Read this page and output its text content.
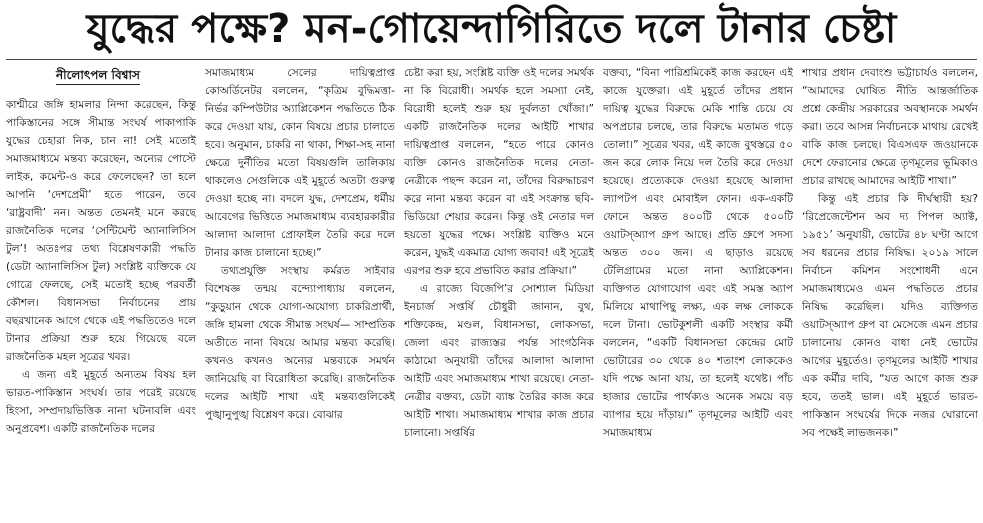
যুদ্ধের পক্ষে? মন-গোয়েন্দাগিরিতে দলে টানার চেষ্টা
নীলোৎপল বিশ্বাস

কাশ্মীরে জঙ্গি হামলার নিন্দা করেছেন, কিন্তু পাকিস্তানের সঙ্গে সীমান্ত সংঘর্ষ পাকাপাকি যুদ্ধের চেহারা নিক, চান না! সেই মতোই সমাজমাধ্যমে মন্তব্য করেছেন, অন্যের পোস্টে লাইক, কমেন্ট-ও করে ফেলেছেন? তা হলে আপনি ‘দেশপ্রেমী’ হতে পারেন, তবে ‘রাষ্ট্রবাদী’ নন। অন্তত তেমনই মনে করছে রাজনৈতিক দলের ‘সেন্টিমেন্ট অ্যানালিসিস টুল’! অতঃপর তথ্য বিশ্লেষণকারী পদ্ধতি (ডেটা অ্যানালিসিস টুল) সংশ্লিষ্ট ব্যক্তিকে যে গোত্রে ফেলছে, সেই মতোই হচ্ছে পরবর্তী কৌশল। বিধানসভা নির্বাচনের প্রায় বছরখানেক আগে থেকে এই পদ্ধতিতেও দলে টানার প্রক্রিয়া শুরু হয়ে গিয়েছে বলে রাজনৈতিক মহল সূত্রের খবর।

এ জন্য এই মুহূর্তে অন্যতম বিষয় হল ভারত-পাকিস্তান সংঘর্ষ। তার পরেই রয়েছে হিংসা, সম্প্রদায়ভিত্তিক নানা ঘটনাবলি এবং অনুপ্রবেশ। একটি রাজনৈতিক দলের

সমাজমাধ্যম সেলের দায়িত্বপ্রাপ্ত কোঅর্ডিনেটর বললেন, “কৃত্রিম বুদ্ধিমত্তা-নির্ভর কম্পিউটার অ্যাপ্লিকেশন পদ্ধতিতে ঠিক করে দেওয়া যায়, কোন বিষয়ে প্রচার চালাতে হবে। অনুমান, চাকরি না থাকা, শিক্ষা-সহ নানা ক্ষেত্রে দুর্নীতির মতো বিষয়গুলি তালিকায় থাকলেও সেগুলিকে এই মুহূর্তে অতটা গুরুত্ব দেওয়া হচ্ছে না। বদলে যুদ্ধ, দেশপ্রেম, ধর্মীয় আবেগের ভিত্তিতে সমাজমাধ্যম ব্যবহারকারীর আলাদা আলাদা প্রোফাইল তৈরি করে দলে টানার কাজ চালানো হচ্ছে।”

তথ্যপ্রযুক্তি সংস্থায় কর্মরত সাইবার বিশেষজ্ঞ তন্ময় বন্দ্যোপাধ্যায় বললেন, “কুড়ুয়ান থেকে যোগ্য-অযোগ্য চাকরিপ্রার্থী, জঙ্গি হামলা থেকে সীমান্ত সংঘর্ষ— সাম্প্রতিক অতীতে নানা বিষয়ে আমার মন্তব্য করেছি। কখনও কখনও অন্যের মন্তব্যকে সমর্থন জানিয়েছি বা বিরোধিতা করেছি। রাজনৈতিক দলের আইটি শাখা এই মন্তব্যগুলিকেই পুঙ্খানুপুঙ্খ বিশ্লেষণ করে। বোঝার

চেষ্টা করা হয়, সংশ্লিষ্ট ব্যক্তি ওই দলের সমর্থক না কি বিরোধী। সমর্থক হলে সমস্যা নেই, বিরোধী হলেই শুরু হয় দুর্বলতা খোঁজা।” একটি রাজনৈতিক দলের আইটি শাখার দায়িত্বপ্রাপ্ত বললেন, “হতে পারে কোনও ব্যক্তি কোনও রাজনৈতিক দলের নেতা-নেত্রীকে পছন্দ করেন না, তাঁদের বিরুদ্ধাচরণ করে নানা মন্তব্য করেন বা এই সংক্রান্ত ছবি-ভিডিয়ো শেয়ার করেন। কিন্তু ওই নেতার দল হয়তো যুদ্ধের পক্ষে। সংশ্লিষ্ট ব্যক্তিও মনে করেন, যুদ্ধই একমাত্র যোগ্য জবাব! এই সূত্রেই এরপর শুরু হবে প্রভাবিত করার প্রক্রিয়া।”

এ রাজ্যে বিজেপি’র সোশ্যাল মিডিয়া ইনচার্জ সপ্তর্ষি চৌধুরী জানান, বুথ, শক্তিকেন্দ্র, মণ্ডল, বিধানসভা, লোকসভা, জেলা এবং রাজ্যস্তর পর্যন্ত সাংগঠনিক কাঠামো অনুযায়ী তাঁদের আলাদা আলাদা আইটি এবং সমাজমাধ্যম শাখা রয়েছে। নেতা-নেত্রীর বক্তব্য, ডেটা ব্যাঙ্ক তৈরির কাজ করে আইটি শাখা। সমাজমাধ্যম শাখার কাজ প্রচার চালানো। সপ্তর্ষির

বক্তব্য, “বিনা পারিশ্রমিকেই কাজ করছেন এই কাজে যুক্তেরা। এই মুহূর্তে তাঁদের প্রধান দায়িত্ব যুদ্ধের বিরুদ্ধে মেকি শান্তি চেয়ে যে অপপ্রচার চলছে, তার বিরুদ্ধে মতামত গড়ে তোলা।” সূত্রের খবর, এই কাজে বুথস্তরে ৫০ জন করে লোক নিয়ে দল তৈরি করে দেওয়া হয়েছে। প্রত্যেককে দেওয়া হয়েছে আলাদা ল্যাপটপ এবং মোবাইল ফোন। এক-একটি ফোনে অন্তত ৪০০টি থেকে ৫০০টি ওয়াটস্‌অ্যাপ গ্রুপ আছে। প্রতি গ্রুপে সদস্য অন্তত ৩০০ জন। এ ছাড়াও রয়েছে টেলিগ্রামের মতো নানা অ্যাপ্লিকেশন। ব্যক্তিগত যোগাযোগ এবং এই সমস্ত অ্যাপ মিলিয়ে মাথাপিছু লক্ষ্য, এক লক্ষ লোককে দলে টানা। ভোটকুশলী একটি সংস্থার কর্মী বললেন, “একটি বিধানসভা কেন্দ্রের মোট ভোটারের ৩০ থেকে ৪০ শতাংশ লোককেও যদি পক্ষে আনা যায়, তা হলেই যথেষ্ট। পাঁচ হাজার ভোটের পার্থক্যও অনেক সময়ে বড় ব্যাপার হয়ে দাঁড়ায়।” তৃণমূলের আইটি এবং সমাজমাধ্যম

শাখার প্রধান দেবাংশু ভট্টাচার্যও বললেন, “আমাদের ঘোষিত নীতি আন্তর্জাতিক প্রশ্নে কেন্দ্রীয় সরকারের অবস্থানকে সমর্থন করা। তবে আসন্ন নির্বাচনকে মাথায় রেখেই বাকি কাজ চলছে। বিএসএফ জওয়ানকে দেশে ফেরানোর ক্ষেত্রে তৃণমূলের ভূমিকাও প্রচার রাখছে আমাদের আইটি শাখা।”

কিন্তু এই প্রচার কি দীর্ঘস্থায়ী হয়? ‘রিপ্রেজেন্টেশন অব দ্য পিপল অ্যাক্ট, ১৯৫১’ অনুযায়ী, ভোটের ৪৮ ঘণ্টা আগে সব ধরনের প্রচার নিষিদ্ধ। ২০১৯ সালে নির্বাচন কমিশন সংশোধনী এনে সমাজমাধ্যমেও এমন পদ্ধতিতে প্রচার নিষিদ্ধ করেছিল। যদিও ব্যক্তিগত ওয়াটস্‌অ্যাপ গ্রুপ বা মেসেজে এমন প্রচার চালানোয় কোনও বাধা নেই ভোটের আগের মুহূর্তেও। তৃণমূলের আইটি শাখার এক কর্মীর দাবি, “যত আগে কাজ শুরু হবে, ততই ভাল। এই মুহূর্তে ভারত-পাকিস্তান সংঘর্ষের দিকে নজর ঘোরানো সব পক্ষেই লাভজনক।”
